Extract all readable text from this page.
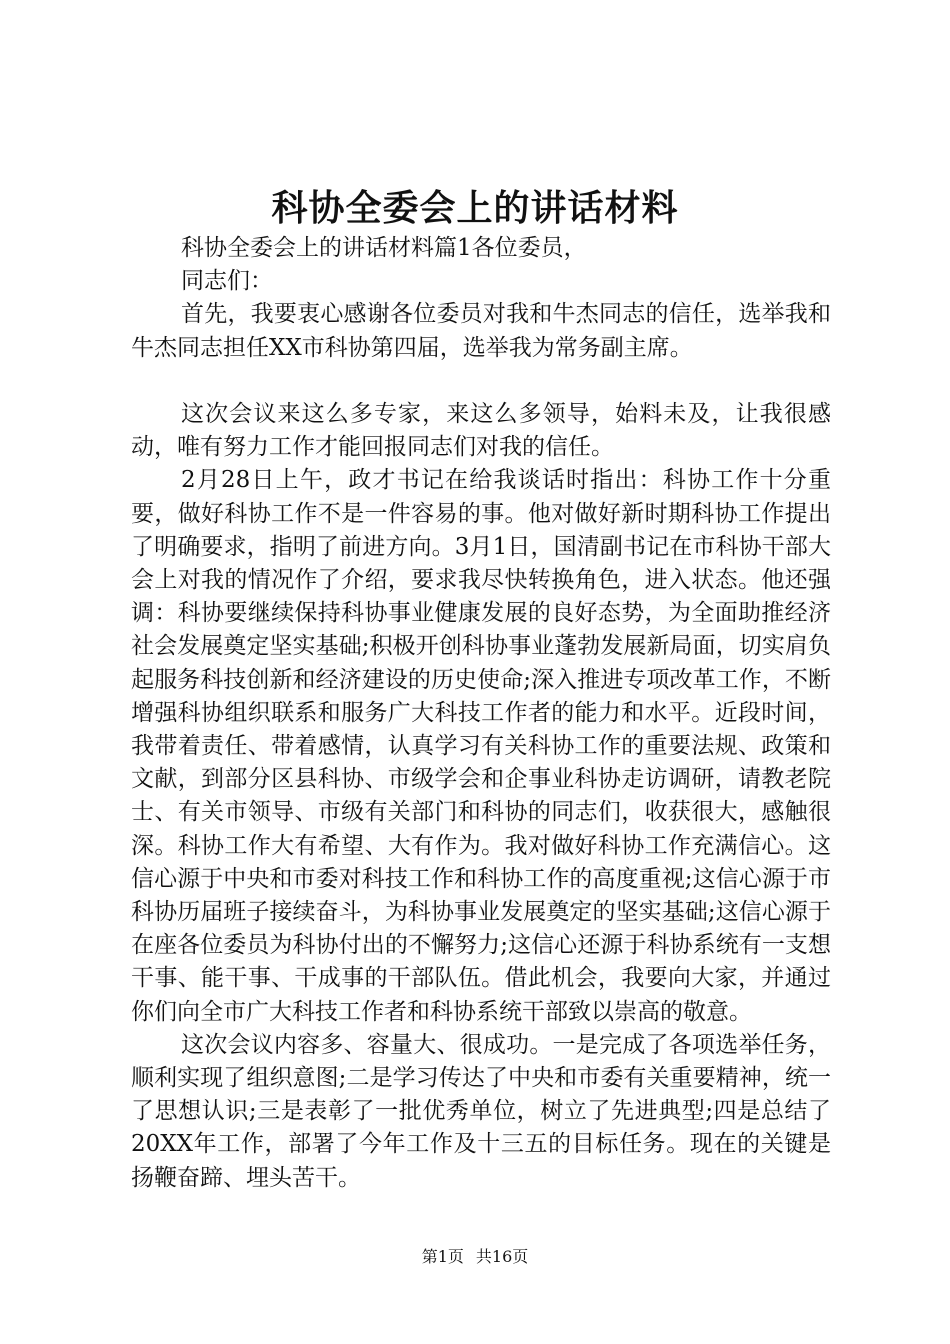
科协全委会上的讲话材料

科协全委会上的讲话材料篇1各位委员，

同志们：

首先，我要衷心感谢各位委员对我和牛杰同志的信任，选举我和牛杰同志担任XX市科协第四届，选举我为常务副主席。

这次会议来这么多专家，来这么多领导，始料未及，让我很感动，唯有努力工作才能回报同志们对我的信任。

2月28日上午，政才书记在给我谈话时指出：科协工作十分重要，做好科协工作不是一件容易的事。他对做好新时期科协工作提出了明确要求，指明了前进方向。3月1日，国清副书记在市科协干部大会上对我的情况作了介绍，要求我尽快转换角色，进入状态。他还强调：科协要继续保持科协事业健康发展的良好态势，为全面助推经济社会发展奠定坚实基础;积极开创科协事业蓬勃发展新局面，切实肩负起服务科技创新和经济建设的历史使命;深入推进专项改革工作，不断增强科协组织联系和服务广大科技工作者的能力和水平。近段时间，我带着责任、带着感情，认真学习有关科协工作的重要法规、政策和文献，到部分区县科协、市级学会和企事业科协走访调研，请教老院士、有关市领导、市级有关部门和科协的同志们，收获很大，感触很深。科协工作大有希望、大有作为。我对做好科协工作充满信心。这信心源于中央和市委对科技工作和科协工作的高度重视;这信心源于市科协历届班子接续奋斗，为科协事业发展奠定的坚实基础;这信心源于在座各位委员为科协付出的不懈努力;这信心还源于科协系统有一支想干事、能干事、干成事的干部队伍。借此机会，我要向大家，并通过你们向全市广大科技工作者和科协系统干部致以崇高的敬意。

这次会议内容多、容量大、很成功。一是完成了各项选举任务，顺利实现了组织意图;二是学习传达了中央和市委有关重要精神，统一了思想认识;三是表彰了一批优秀单位，树立了先进典型;四是总结了20XX年工作，部署了今年工作及十三五的目标任务。现在的关键是扬鞭奋蹄、埋头苦干。

第1页 共16页
